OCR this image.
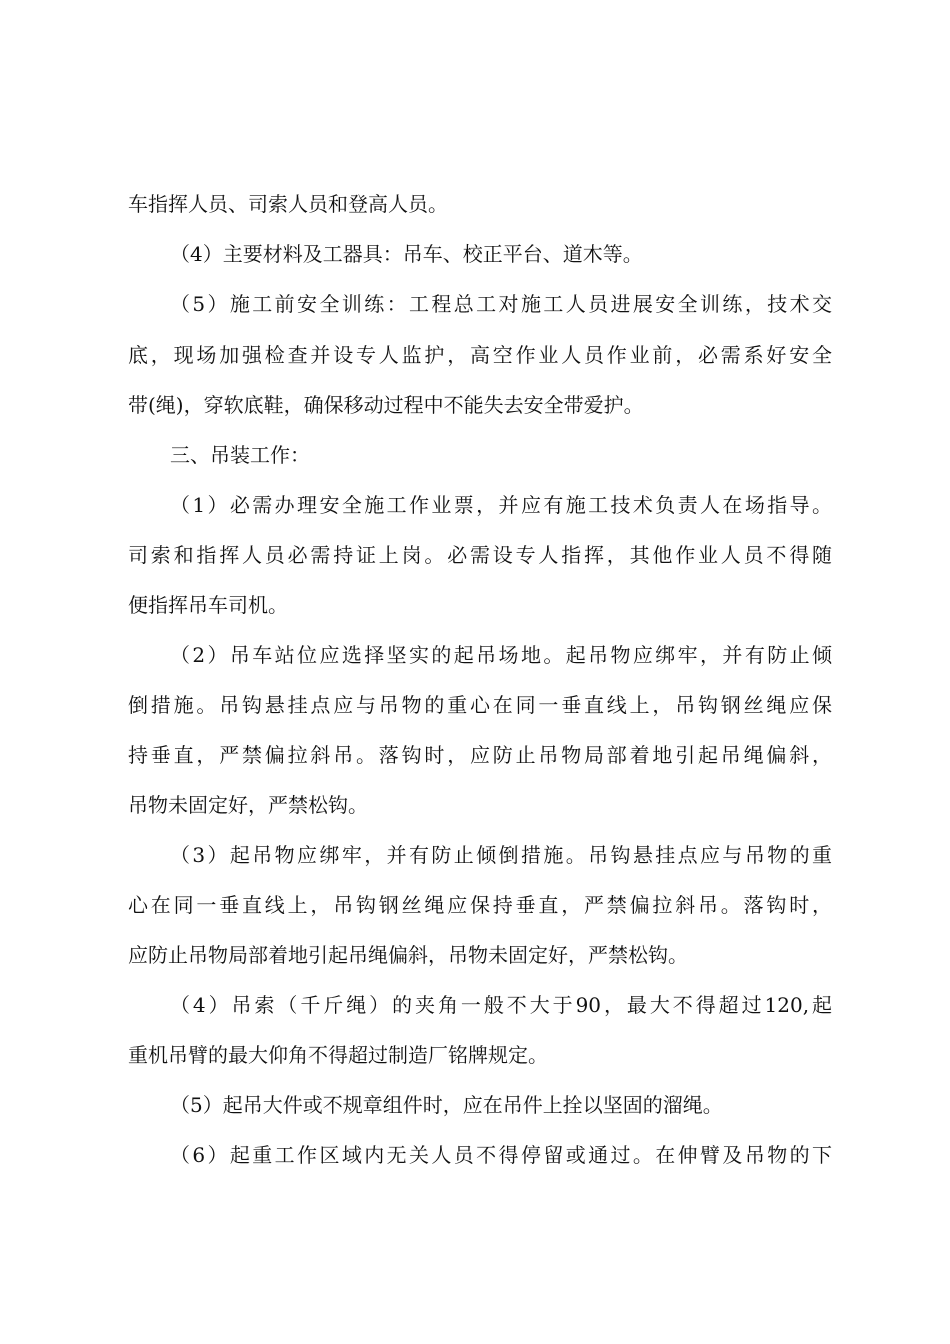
车指挥人员、司索人员和登高人员。
（4）主要材料及工器具：吊车、校正平台、道木等。
（5）施工前安全训练：工程总工对施工人员进展安全训练，技术交
底，现场加强检查并设专人监护，高空作业人员作业前，必需系好安全
带(绳)，穿软底鞋，确保移动过程中不能失去安全带爱护。
三、吊装工作：
（1）必需办理安全施工作业票，并应有施工技术负责人在场指导。
司索和指挥人员必需持证上岗。必需设专人指挥，其他作业人员不得随
便指挥吊车司机。
（2）吊车站位应选择坚实的起吊场地。起吊物应绑牢，并有防止倾
倒措施。吊钩悬挂点应与吊物的重心在同一垂直线上，吊钩钢丝绳应保
持垂直，严禁偏拉斜吊。落钩时，应防止吊物局部着地引起吊绳偏斜，
吊物未固定好，严禁松钩。
（3）起吊物应绑牢，并有防止倾倒措施。吊钩悬挂点应与吊物的重
心在同一垂直线上，吊钩钢丝绳应保持垂直，严禁偏拉斜吊。落钩时，
应防止吊物局部着地引起吊绳偏斜，吊物未固定好，严禁松钩。
（4）吊索（千斤绳）的夹角一般不大于90，最大不得超过120,起
重机吊臂的最大仰角不得超过制造厂铭牌规定。
（5）起吊大件或不规章组件时，应在吊件上拴以坚固的溜绳。
（6）起重工作区域内无关人员不得停留或通过。在伸臂及吊物的下
